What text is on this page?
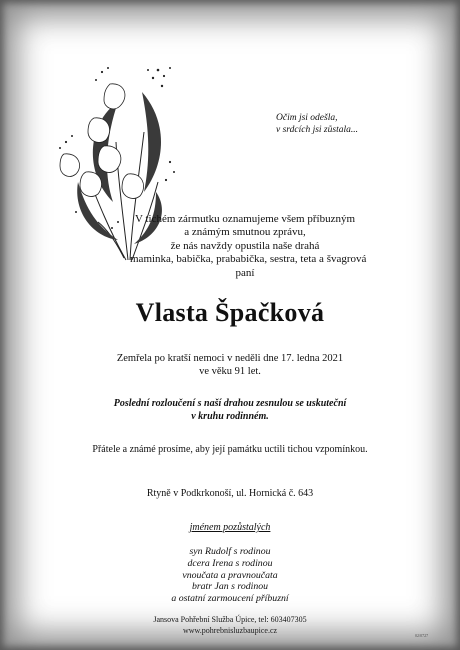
Očim jsi odešla,
v srdcích jsi zůstala...
V tichém zármutku oznamujeme všem příbuzným
a známým smutnou zprávu,
že nás navždy opustila naše drahá
maminka, babička, prababička, sestra, teta a švagrová
paní
Vlasta Špačková
Zemřela po kratší nemoci v neděli dne 17. ledna 2021
ve věku 91 let.
Poslední rozloučení s naší drahou zesnulou se uskuteční
v kruhu rodinném.
Přátele a známé prosíme, aby její památku uctili tichou vzpomínkou.
Rtyně v Podkrkonoší, ul. Hornická č. 643
jménem pozůstalých
syn Rudolf s rodinou
dcera Irena s rodinou
vnoučata a pravnoučata
bratr Jan s rodinou
a ostatní zarmoucení příbuzní
Jansova Pohřební Služba Úpice, tel: 603407305
www.pohrebnisluzbaupice.cz
02/0727
